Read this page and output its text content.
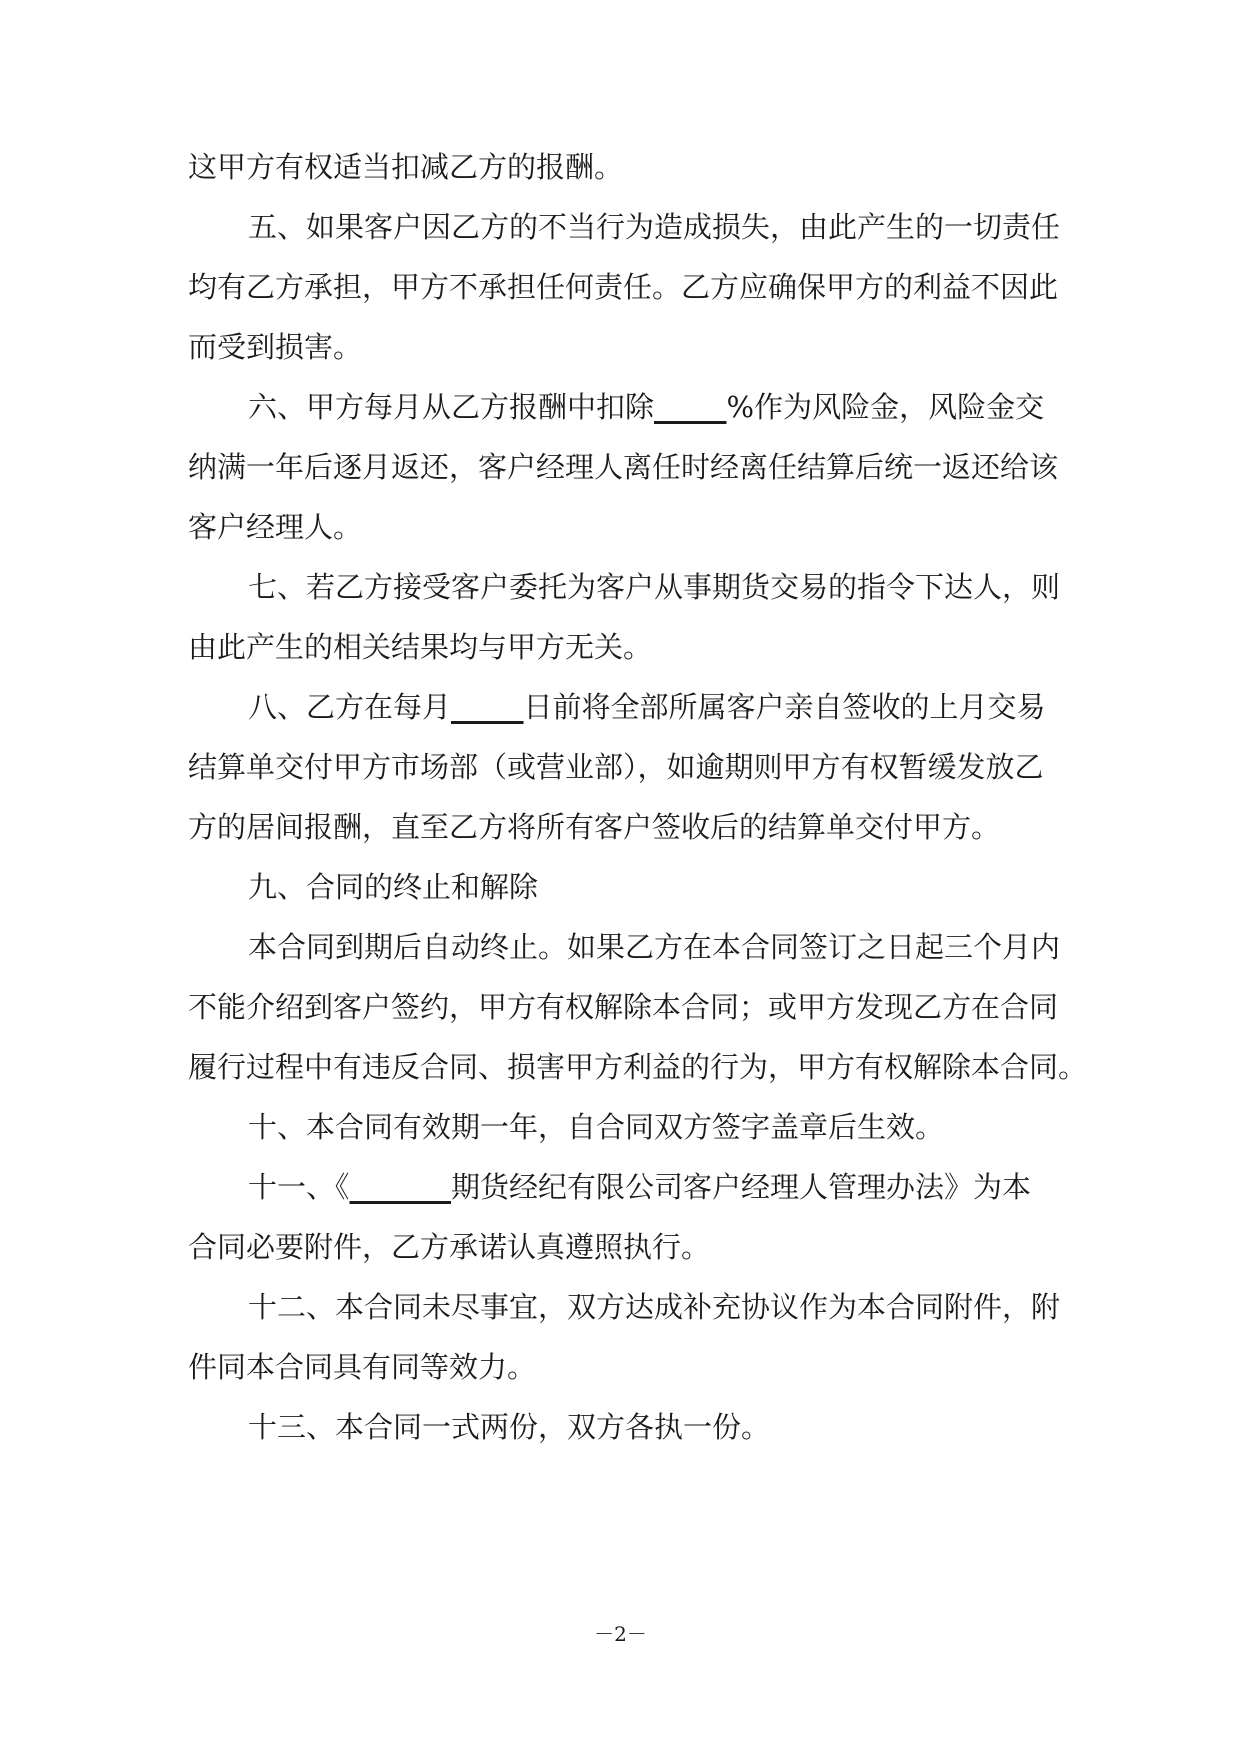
这甲方有权适当扣减乙方的报酬。
五、如果客户因乙方的不当行为造成损失，由此产生的一切责任
均有乙方承担，甲方不承担任何责任。乙方应确保甲方的利益不因此
而受到损害。
六、甲方每月从乙方报酬中扣除_____%作为风险金，风险金交
纳满一年后逐月返还，客户经理人离任时经离任结算后统一返还给该
客户经理人。
七、若乙方接受客户委托为客户从事期货交易的指令下达人，则
由此产生的相关结果均与甲方无关。
八、乙方在每月_____日前将全部所属客户亲自签收的上月交易
结算单交付甲方市场部（或营业部），如逾期则甲方有权暂缓发放乙
方的居间报酬，直至乙方将所有客户签收后的结算单交付甲方。
九、合同的终止和解除
本合同到期后自动终止。如果乙方在本合同签订之日起三个月内
不能介绍到客户签约，甲方有权解除本合同；或甲方发现乙方在合同
履行过程中有违反合同、损害甲方利益的行为，甲方有权解除本合同。
十、本合同有效期一年，自合同双方签字盖章后生效。
十一、《_______期货经纪有限公司客户经理人管理办法》为本
合同必要附件，乙方承诺认真遵照执行。
十二、本合同未尽事宜，双方达成补充协议作为本合同附件，附
件同本合同具有同等效力。
十三、本合同一式两份，双方各执一份。
－2－
